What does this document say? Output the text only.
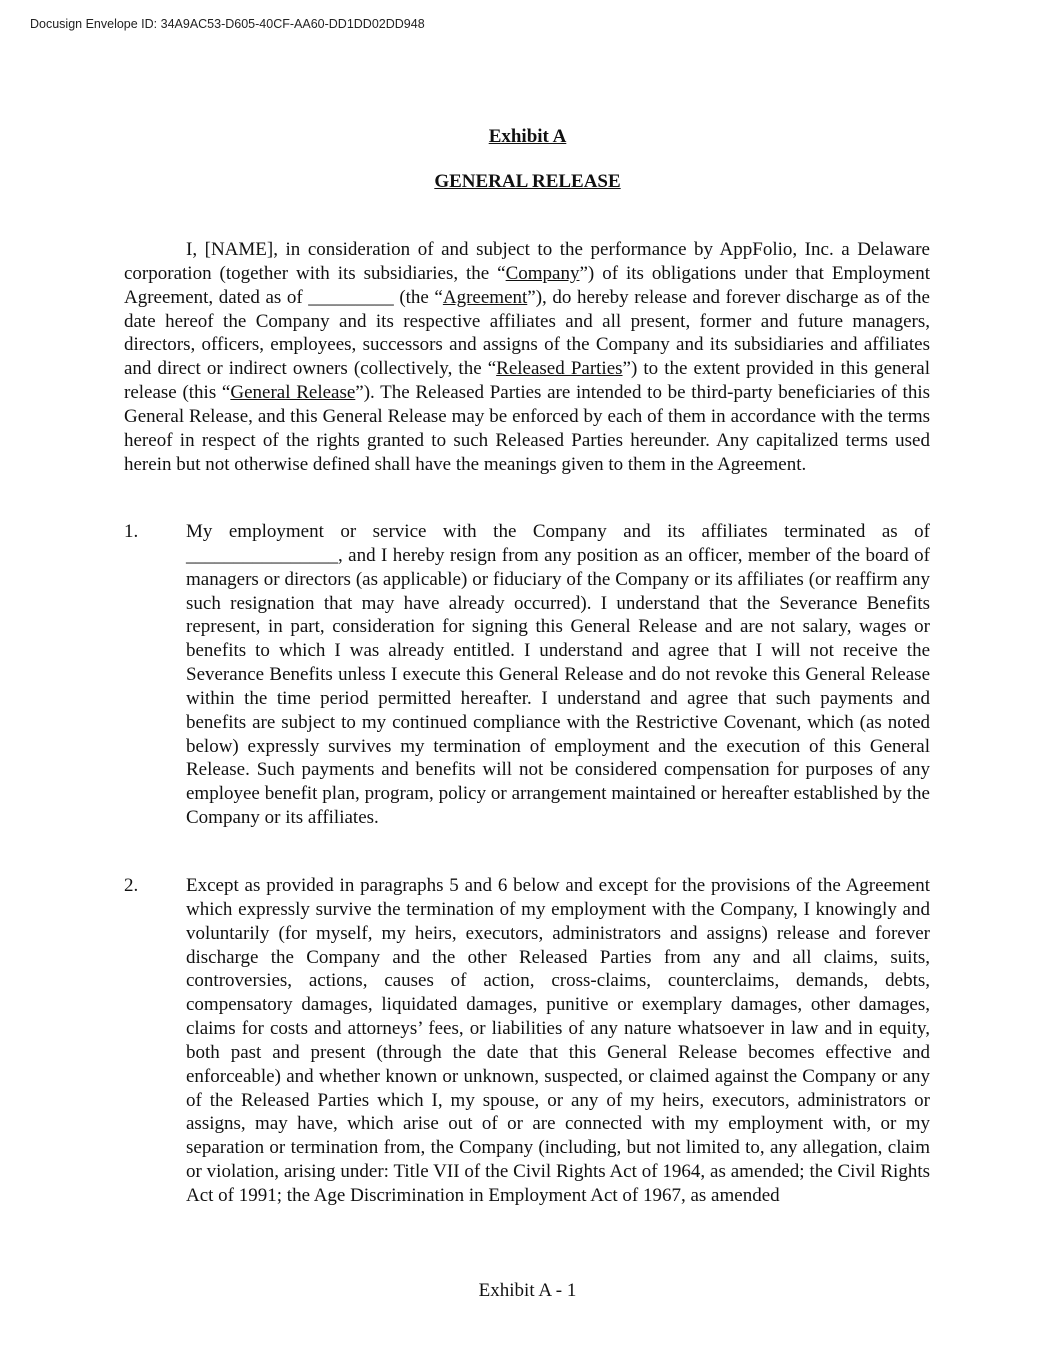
Docusign Envelope ID: 34A9AC53-D605-40CF-AA60-DD1DD02DD948
Exhibit A
GENERAL RELEASE
I, [NAME], in consideration of and subject to the performance by AppFolio, Inc. a Delaware corporation (together with its subsidiaries, the “Company”) of its obligations under that Employment Agreement, dated as of _________ (the “Agreement”), do hereby release and forever discharge as of the date hereof the Company and its respective affiliates and all present, former and future managers, directors, officers, employees, successors and assigns of the Company and its subsidiaries and affiliates and direct or indirect owners (collectively, the “Released Parties”) to the extent provided in this general release (this “General Release”). The Released Parties are intended to be third-party beneficiaries of this General Release, and this General Release may be enforced by each of them in accordance with the terms hereof in respect of the rights granted to such Released Parties hereunder. Any capitalized terms used herein but not otherwise defined shall have the meanings given to them in the Agreement.
1.	My employment or service with the Company and its affiliates terminated as of ________________, and I hereby resign from any position as an officer, member of the board of managers or directors (as applicable) or fiduciary of the Company or its affiliates (or reaffirm any such resignation that may have already occurred). I understand that the Severance Benefits represent, in part, consideration for signing this General Release and are not salary, wages or benefits to which I was already entitled. I understand and agree that I will not receive the Severance Benefits unless I execute this General Release and do not revoke this General Release within the time period permitted hereafter. I understand and agree that such payments and benefits are subject to my continued compliance with the Restrictive Covenant, which (as noted below) expressly survives my termination of employment and the execution of this General Release. Such payments and benefits will not be considered compensation for purposes of any employee benefit plan, program, policy or arrangement maintained or hereafter established by the Company or its affiliates.
2.	Except as provided in paragraphs 5 and 6 below and except for the provisions of the Agreement which expressly survive the termination of my employment with the Company, I knowingly and voluntarily (for myself, my heirs, executors, administrators and assigns) release and forever discharge the Company and the other Released Parties from any and all claims, suits, controversies, actions, causes of action, cross-claims, counterclaims, demands, debts, compensatory damages, liquidated damages, punitive or exemplary damages, other damages, claims for costs and attorneys’ fees, or liabilities of any nature whatsoever in law and in equity, both past and present (through the date that this General Release becomes effective and enforceable) and whether known or unknown, suspected, or claimed against the Company or any of the Released Parties which I, my spouse, or any of my heirs, executors, administrators or assigns, may have, which arise out of or are connected with my employment with, or my separation or termination from, the Company (including, but not limited to, any allegation, claim or violation, arising under: Title VII of the Civil Rights Act of 1964, as amended; the Civil Rights Act of 1991; the Age Discrimination in Employment Act of 1967, as amended
Exhibit A - 1
